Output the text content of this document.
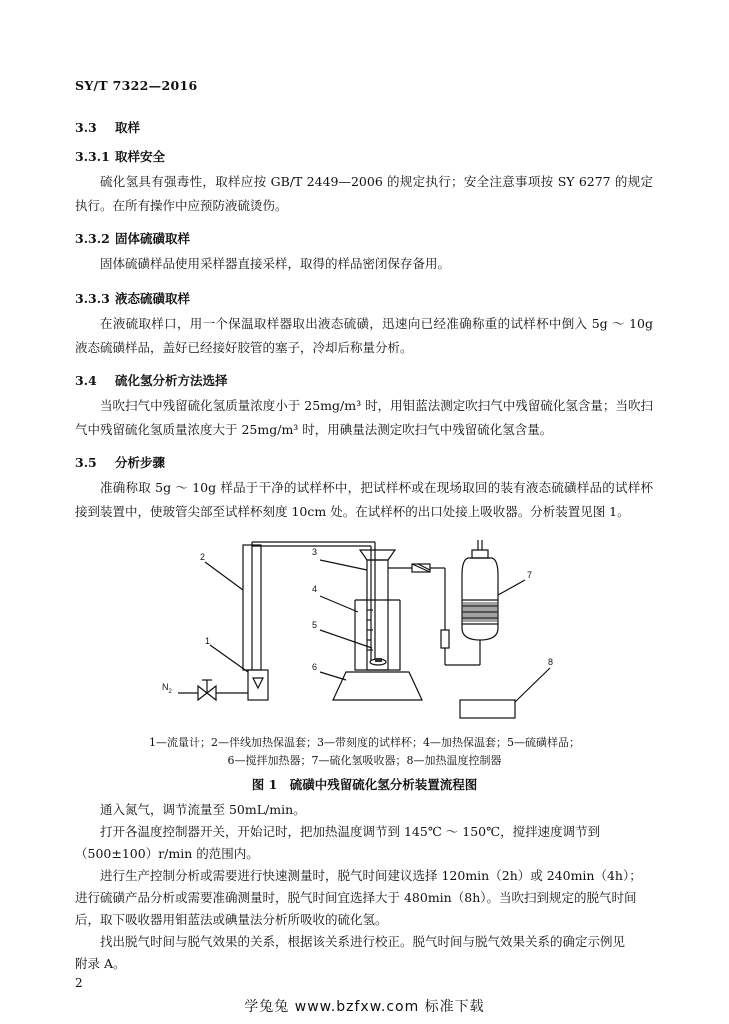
SY/T 7322—2016
3.3 取样
3.3.1 取样安全
硫化氢具有强毒性，取样应按 GB/T 2449—2006 的规定执行；安全注意事项按 SY 6277 的规定执行。在所有操作中应预防液硫烫伤。
3.3.2 固体硫磺取样
固体硫磺样品使用采样器直接采样，取得的样品密闭保存备用。
3.3.3 液态硫磺取样
在液硫取样口，用一个保温取样器取出液态硫磺，迅速向已经准确称重的试样杯中倒入 5g ～ 10g 液态硫磺样品，盖好已经接好胶管的塞子，冷却后称量分析。
3.4 硫化氢分析方法选择
当吹扫气中残留硫化氢质量浓度小于 25mg/m³ 时，用钼蓝法测定吹扫气中残留硫化氢含量；当吹扫气中残留硫化氢质量浓度大于 25mg/m³ 时，用碘量法测定吹扫气中残留硫化氢含量。
3.5 分析步骤
准确称取 5g ～ 10g 样品于干净的试样杯中，把试样杯或在现场取回的装有液态硫磺样品的试样杯接到装置中，使玻管尖部至试样杯刻度 10cm 处。在试样杯的出口处接上吸收器。分析装置见图 1。
2
1
3
4
5
6
7
8
$N_2$
1—流量计；2—伴线加热保温套；3—带刻度的试样杯；4—加热保温套；5—硫磺样品；
6—搅拌加热器；7—硫化氢吸收器；8—加热温度控制器
图 1　硫磺中残留硫化氢分析装置流程图
通入氮气，调节流量至 50mL/min。
打开各温度控制器开关，开始记时，把加热温度调节到 145℃ ～ 150℃，搅拌速度调节到
（500±100）r/min 的范围内。
进行生产控制分析或需要进行快速测量时，脱气时间建议选择 120min（2h）或 240min（4h）；
进行硫磺产品分析或需要准确测量时，脱气时间宜选择大于 480min（8h）。当吹扫到规定的脱气时间
后，取下吸收器用钼蓝法或碘量法分析所吸收的硫化氢。
2
学兔兔 www.bzfxw.com 标准下载
找出脱气时间与脱气效果的关系，根据该关系进行校正。脱气时间与脱气效果关系的确定示例见
附录 A。
